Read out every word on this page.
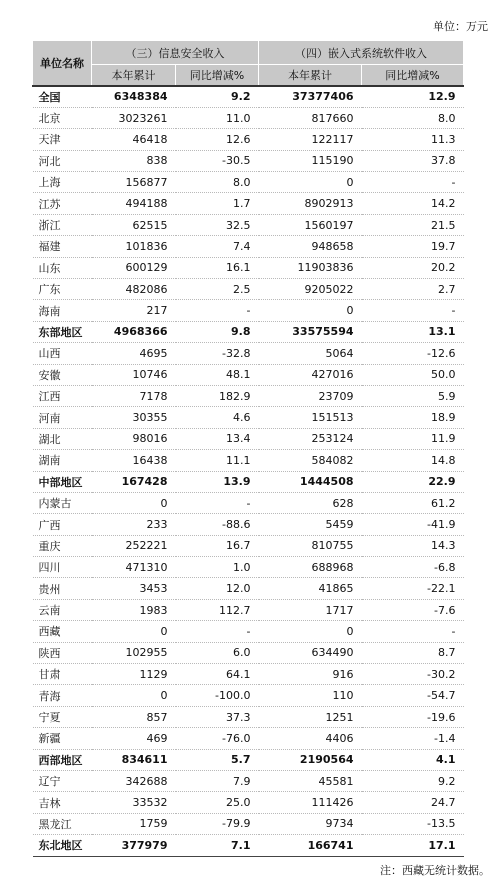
单位：万元
单位名称	（三）信息安全收入		（四）嵌入式系统软件收入	
	本年累计	同比增减%	本年累计	同比增减%
全国	6348384	9.2	37377406	12.9
北京	3023261	11.0	817660	8.0
天津	46418	12.6	122117	11.3
河北	838	-30.5	115190	37.8
上海	156877	8.0	0	-
江苏	494188	1.7	8902913	14.2
浙江	62515	32.5	1560197	21.5
福建	101836	7.4	948658	19.7
山东	600129	16.1	11903836	20.2
广东	482086	2.5	9205022	2.7
海南	217	-	0	-
东部地区	4968366	9.8	33575594	13.1
山西	4695	-32.8	5064	-12.6
安徽	10746	48.1	427016	50.0
江西	7178	182.9	23709	5.9
河南	30355	4.6	151513	18.9
湖北	98016	13.4	253124	11.9
湖南	16438	11.1	584082	14.8
中部地区	167428	13.9	1444508	22.9
内蒙古	0	-	628	61.2
广西	233	-88.6	5459	-41.9
重庆	252221	16.7	810755	14.3
四川	471310	1.0	688968	-6.8
贵州	3453	12.0	41865	-22.1
云南	1983	112.7	1717	-7.6
西藏	0	-	0	-
陕西	102955	6.0	634490	8.7
甘肃	1129	64.1	916	-30.2
青海	0	-100.0	110	-54.7
宁夏	857	37.3	1251	-19.6
新疆	469	-76.0	4406	-1.4
西部地区	834611	5.7	2190564	4.1
辽宁	342688	7.9	45581	9.2
吉林	33532	25.0	111426	24.7
黑龙江	1759	-79.9	9734	-13.5
东北地区	377979	7.1	166741	17.1
注：西藏无统计数据。
